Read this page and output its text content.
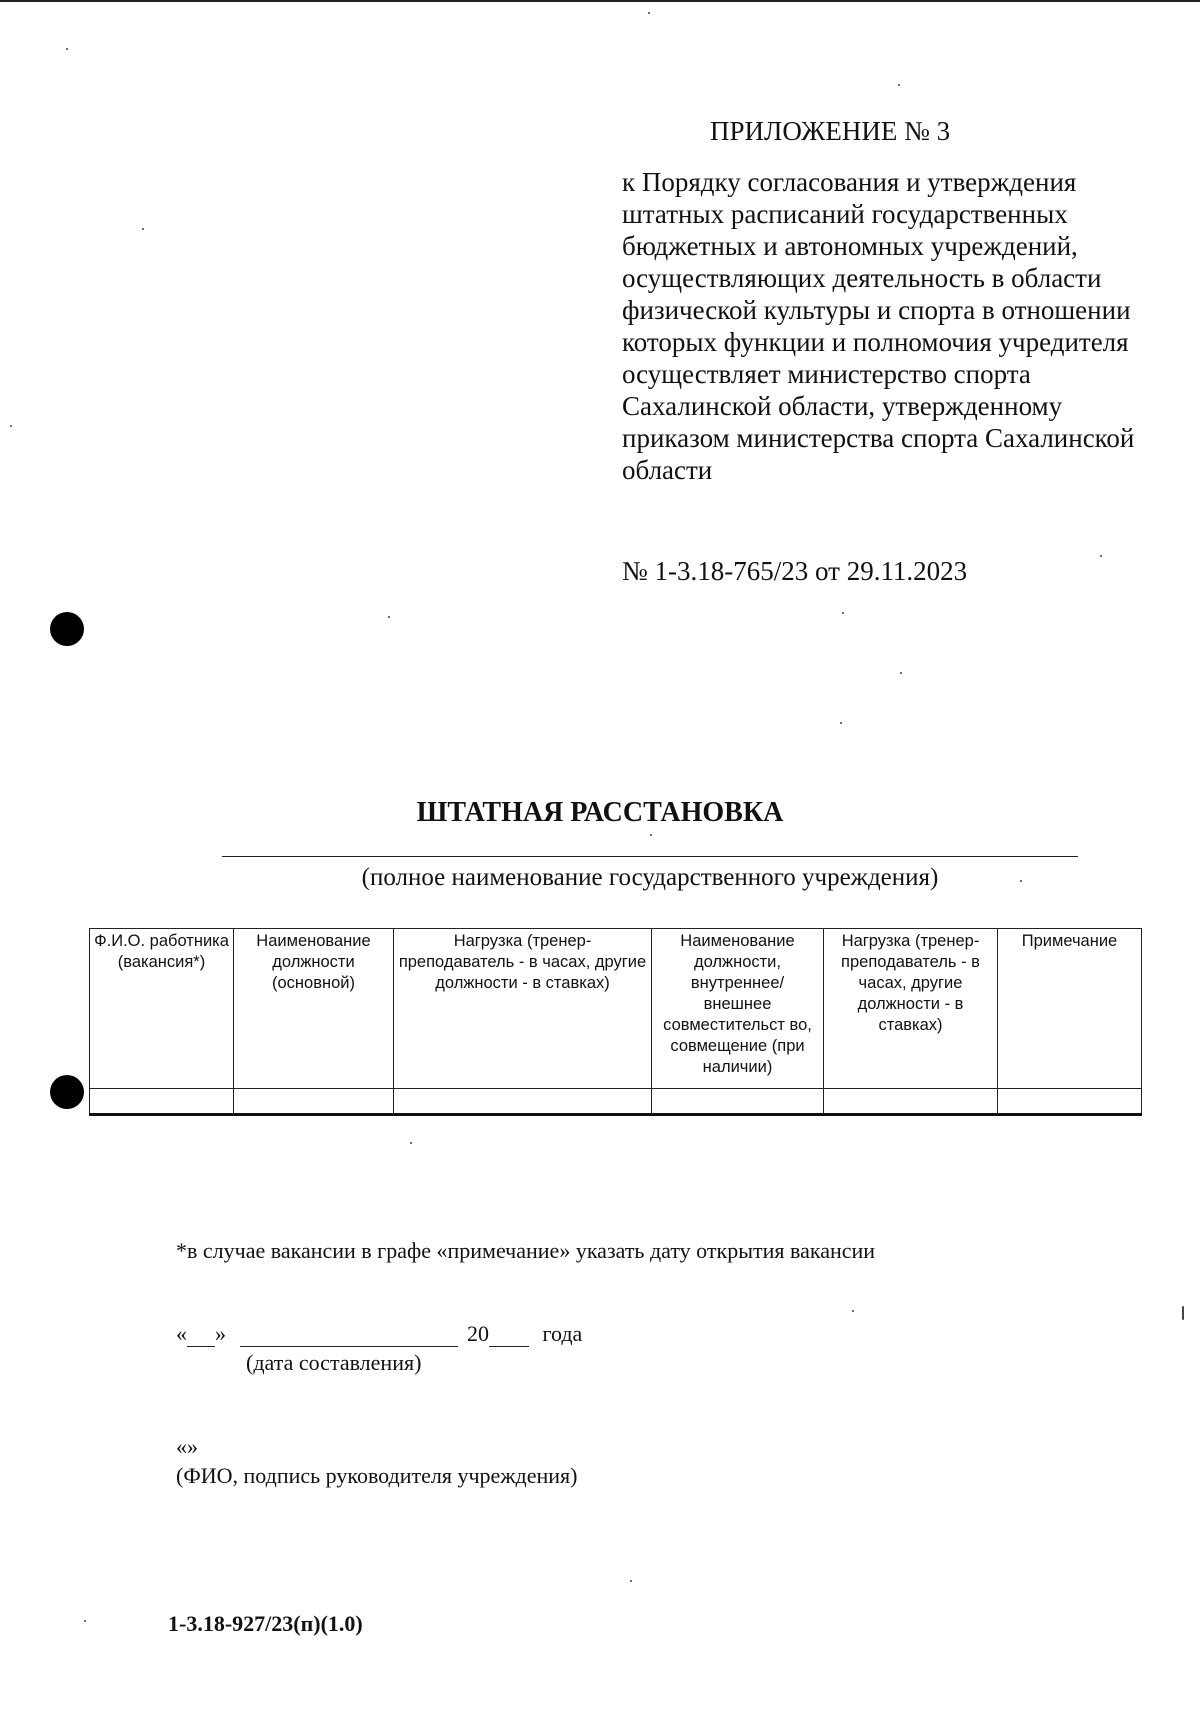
ПРИЛОЖЕНИЕ № 3
к Порядку согласования и утверждения штатных расписаний государственных бюджетных и автономных учреждений, осуществляющих деятельность в области физической культуры и спорта в отношении которых функции и полномочия учредителя осуществляет министерство спорта Сахалинской области, утвержденному приказом министерства спорта Сахалинской области
№ 1-3.18-765/23 от 29.11.2023
ШТАТНАЯ РАССТАНОВКА
(полное наименование государственного учреждения)
Ф.И.О. работника (вакансия*)	Наименование должности (основной)	Нагрузка (тренер-преподаватель - в часах, другие должности - в ставках)	Наименование должности, внутреннее/ внешнее совместительст во, совмещение (при наличии)	Нагрузка (тренер-преподаватель - в часах, другие должности - в ставках)	Примечание

*в случае вакансии в графе «примечание» указать дату открытия вакансии
« »	20 года
(дата составления)
«»
(ФИО, подпись руководителя учреждения)
1-3.18-927/23(п)(1.0)
